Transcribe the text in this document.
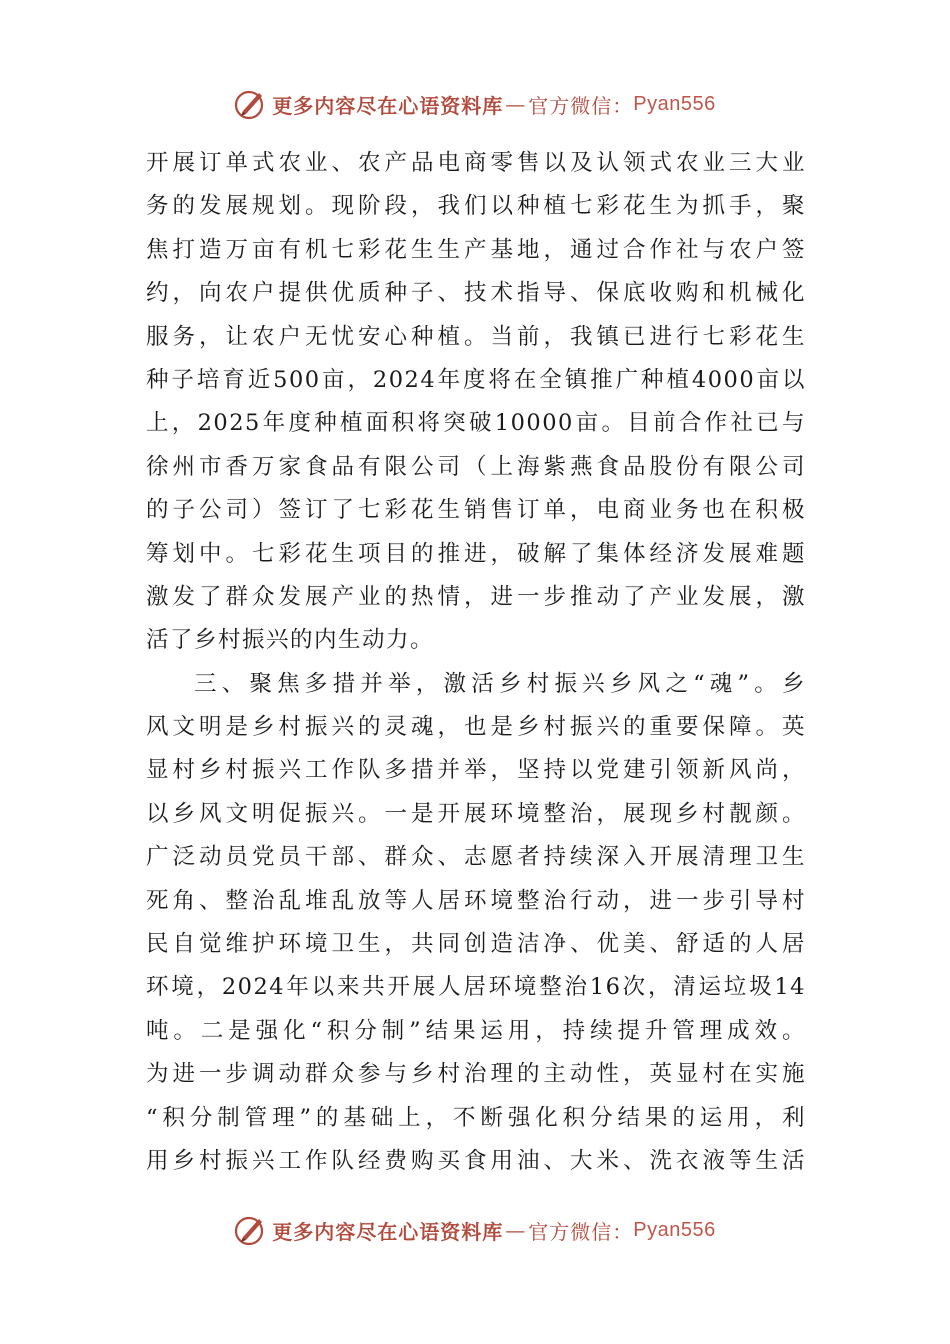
更多内容尽在心语资料库 — 官方微信： Pyan556
开展订单式农业、农产品电商零售以及认领式农业三大业
务的发展规划。现阶段，我们以种植七彩花生为抓手，聚
焦打造万亩有机七彩花生生产基地，通过合作社与农户签
约，向农户提供优质种子、技术指导、保底收购和机械化
服务，让农户无忧安心种植。当前，我镇已进行七彩花生
种子培育近500亩，2024年度将在全镇推广种植4000亩以
上，2025年度种植面积将突破10000亩。目前合作社已与
徐州市香万家食品有限公司（上海紫燕食品股份有限公司
的子公司）签订了七彩花生销售订单，电商业务也在积极
筹划中。七彩花生项目的推进，破解了集体经济发展难题
激发了群众发展产业的热情，进一步推动了产业发展，激
活了乡村振兴的内生动力。
三、聚焦多措并举，激活乡村振兴乡风之“魂”。乡
风文明是乡村振兴的灵魂，也是乡村振兴的重要保障。英
显村乡村振兴工作队多措并举，坚持以党建引领新风尚，
以乡风文明促振兴。一是开展环境整治，展现乡村靓颜。
广泛动员党员干部、群众、志愿者持续深入开展清理卫生
死角、整治乱堆乱放等人居环境整治行动，进一步引导村
民自觉维护环境卫生，共同创造洁净、优美、舒适的人居
环境，2024年以来共开展人居环境整治16次，清运垃圾14
吨。二是强化“积分制”结果运用，持续提升管理成效。
为进一步调动群众参与乡村治理的主动性，英显村在实施
“积分制管理”的基础上，不断强化积分结果的运用，利
用乡村振兴工作队经费购买食用油、大米、洗衣液等生活
更多内容尽在心语资料库 — 官方微信： Pyan556
